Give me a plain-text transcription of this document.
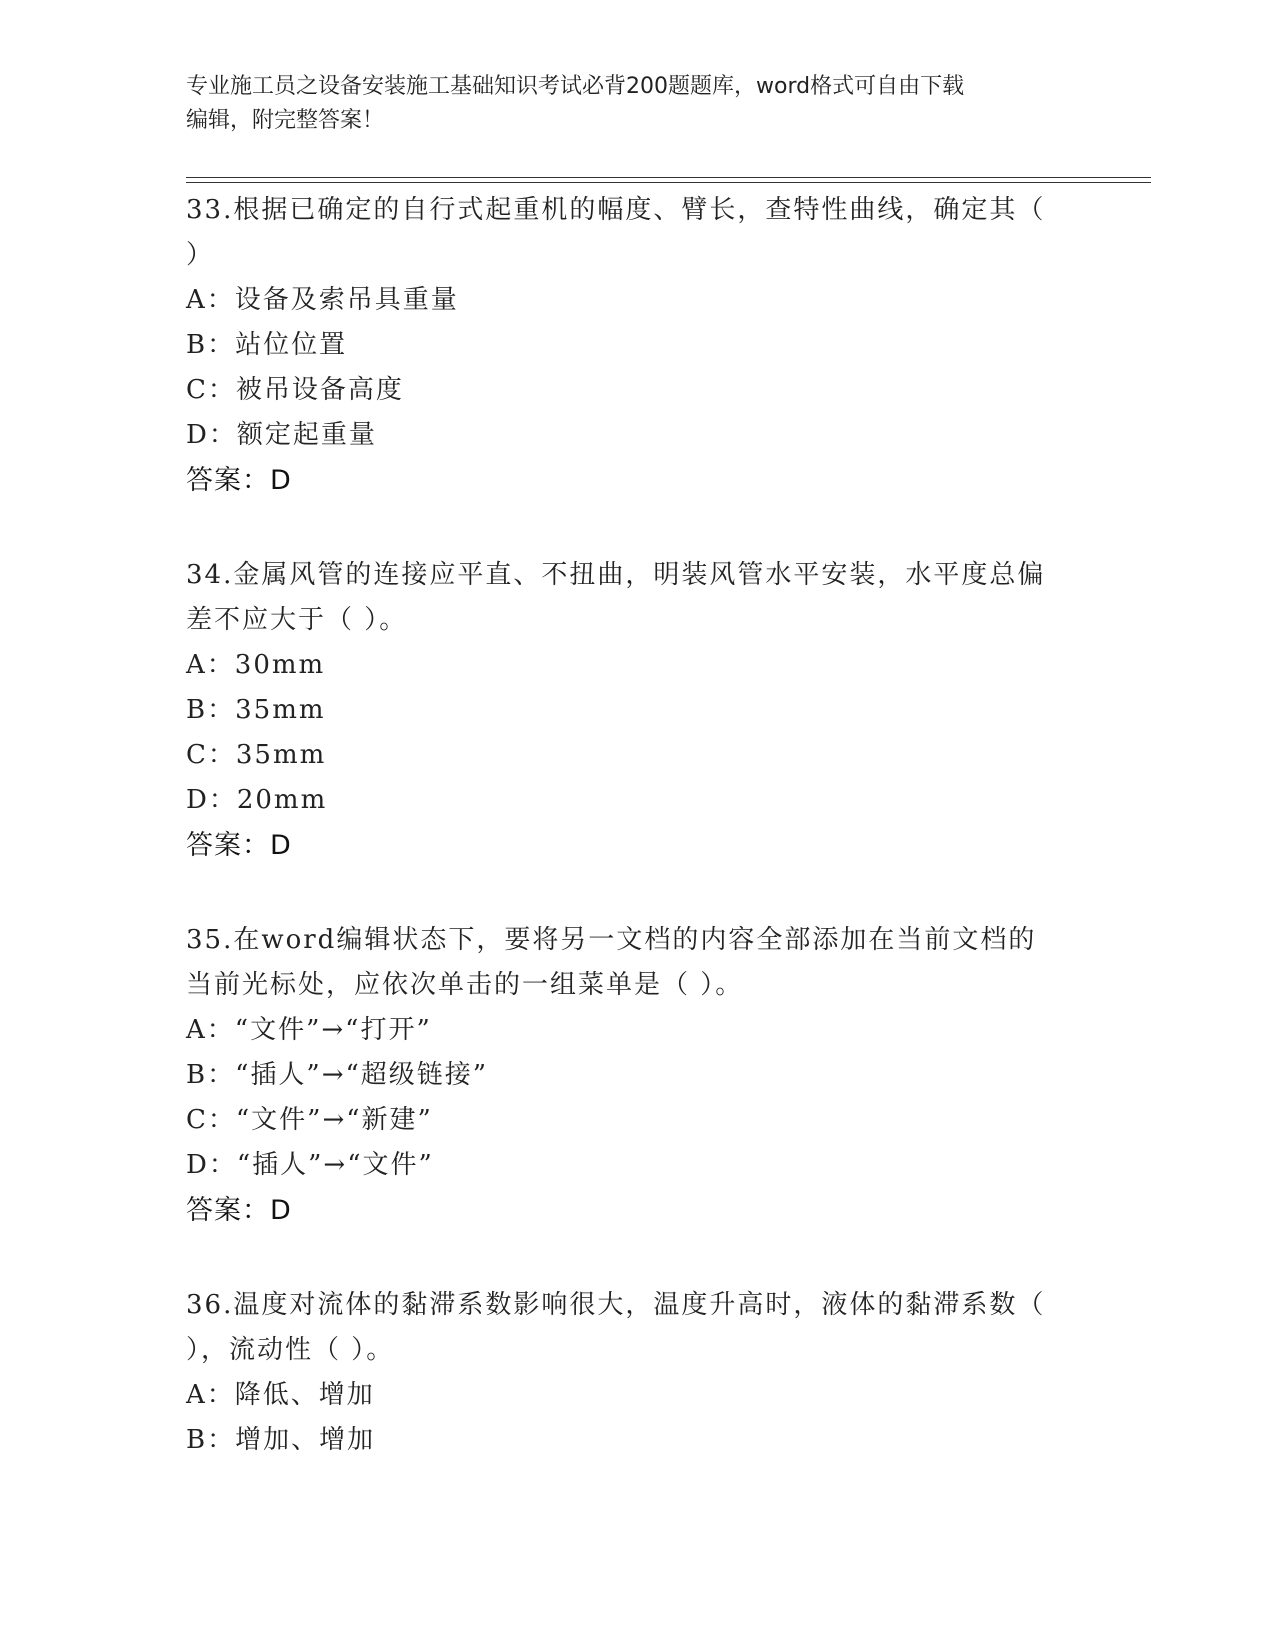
专业施工员之设备安装施工基础知识考试必背200题题库，word格式可自由下载
编辑，附完整答案！
33.根据已确定的自行式起重机的幅度、臂长，查特性曲线，确定其（
）
A：设备及索吊具重量
B：站位位置
C：被吊设备高度
D：额定起重量
答案：D
34.金属风管的连接应平直、不扭曲，明装风管水平安装，水平度总偏
差不应大于（ ）。
A：30mm
B：35mm
C：35mm
D：20mm
答案：D
35.在word编辑状态下，要将另一文档的内容全部添加在当前文档的
当前光标处，应依次单击的一组菜单是（ ）。
A：“文件”→“打开”
B：“插人”→“超级链接”
C：“文件”→“新建”
D：“插人”→“文件”
答案：D
36.温度对流体的黏滞系数影响很大，温度升高时，液体的黏滞系数（
），流动性（ ）。
A：降低、增加
B：增加、增加
